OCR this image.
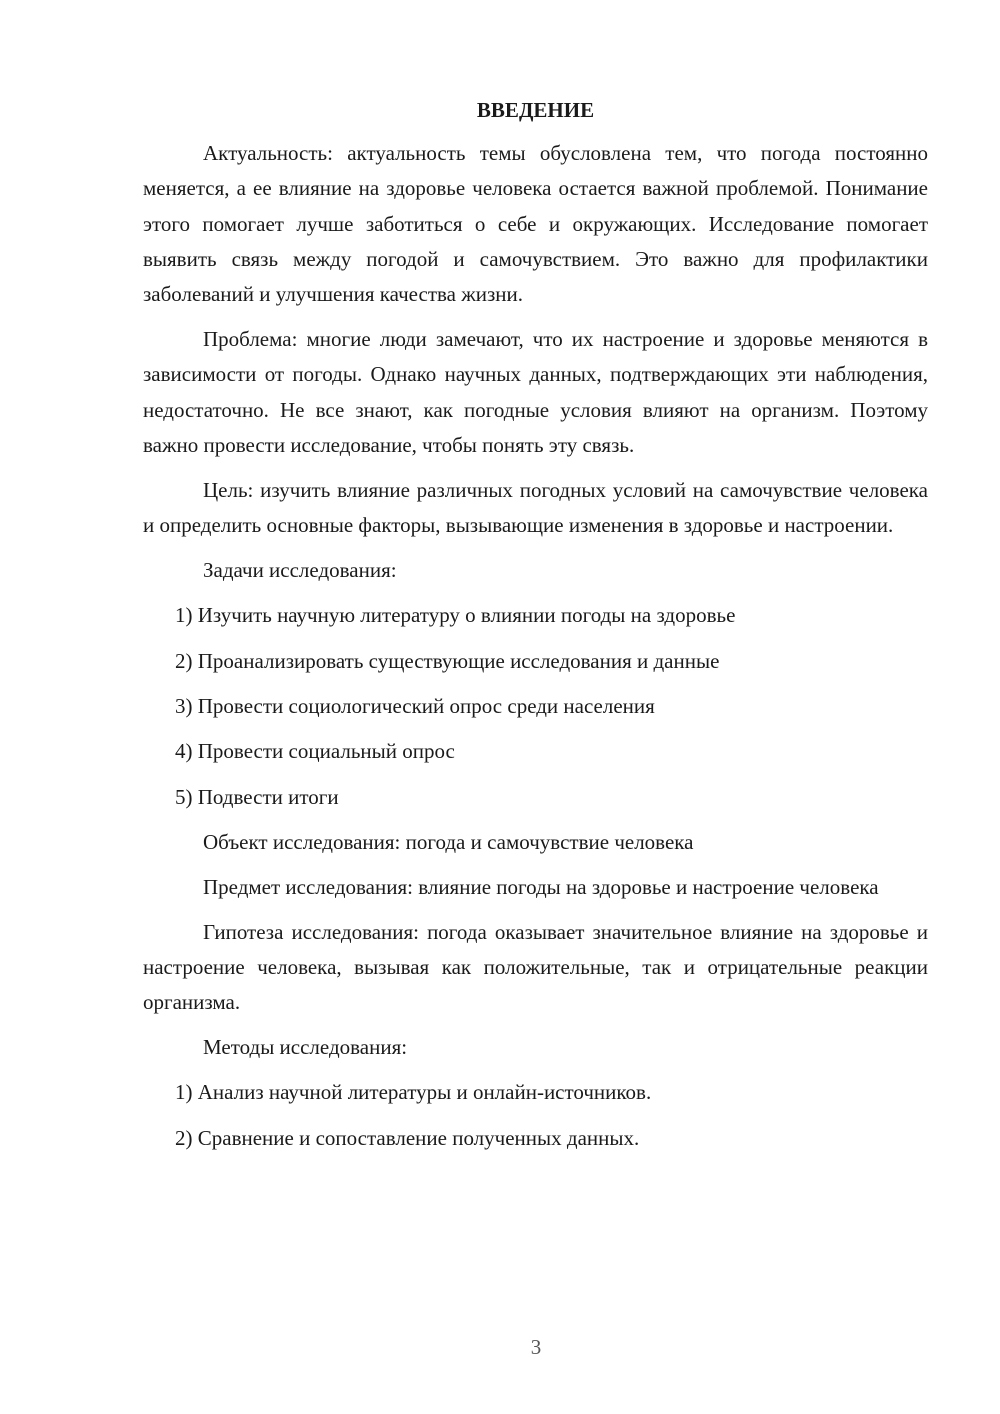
ВВЕДЕНИЕ
Актуальность: актуальность темы обусловлена тем, что погода постоянно меняется, а ее влияние на здоровье человека остается важной проблемой. Понимание этого помогает лучше заботиться о себе и окружающих. Исследование помогает выявить связь между погодой и самочувствием. Это важно для профилактики заболеваний и улучшения качества жизни.
Проблема: многие люди замечают, что их настроение и здоровье меняются в зависимости от погоды. Однако научных данных, подтверждающих эти наблюдения, недостаточно. Не все знают, как погодные условия влияют на организм. Поэтому важно провести исследование, чтобы понять эту связь.
Цель: изучить влияние различных погодных условий на самочувствие человека и определить основные факторы, вызывающие изменения в здоровье и настроении.
Задачи исследования:
1) Изучить научную литературу о влиянии погоды на здоровье
2) Проанализировать существующие исследования и данные
3) Провести социологический опрос среди населения
4) Провести социальный опрос
5) Подвести итоги
Объект исследования: погода и самочувствие человека
Предмет исследования: влияние погоды на здоровье и настроение человека
Гипотеза исследования: погода оказывает значительное влияние на здоровье и настроение человека, вызывая как положительные, так и отрицательные реакции организма.
Методы исследования:
1) Анализ научной литературы и онлайн-источников.
2) Сравнение и сопоставление полученных данных.
3
